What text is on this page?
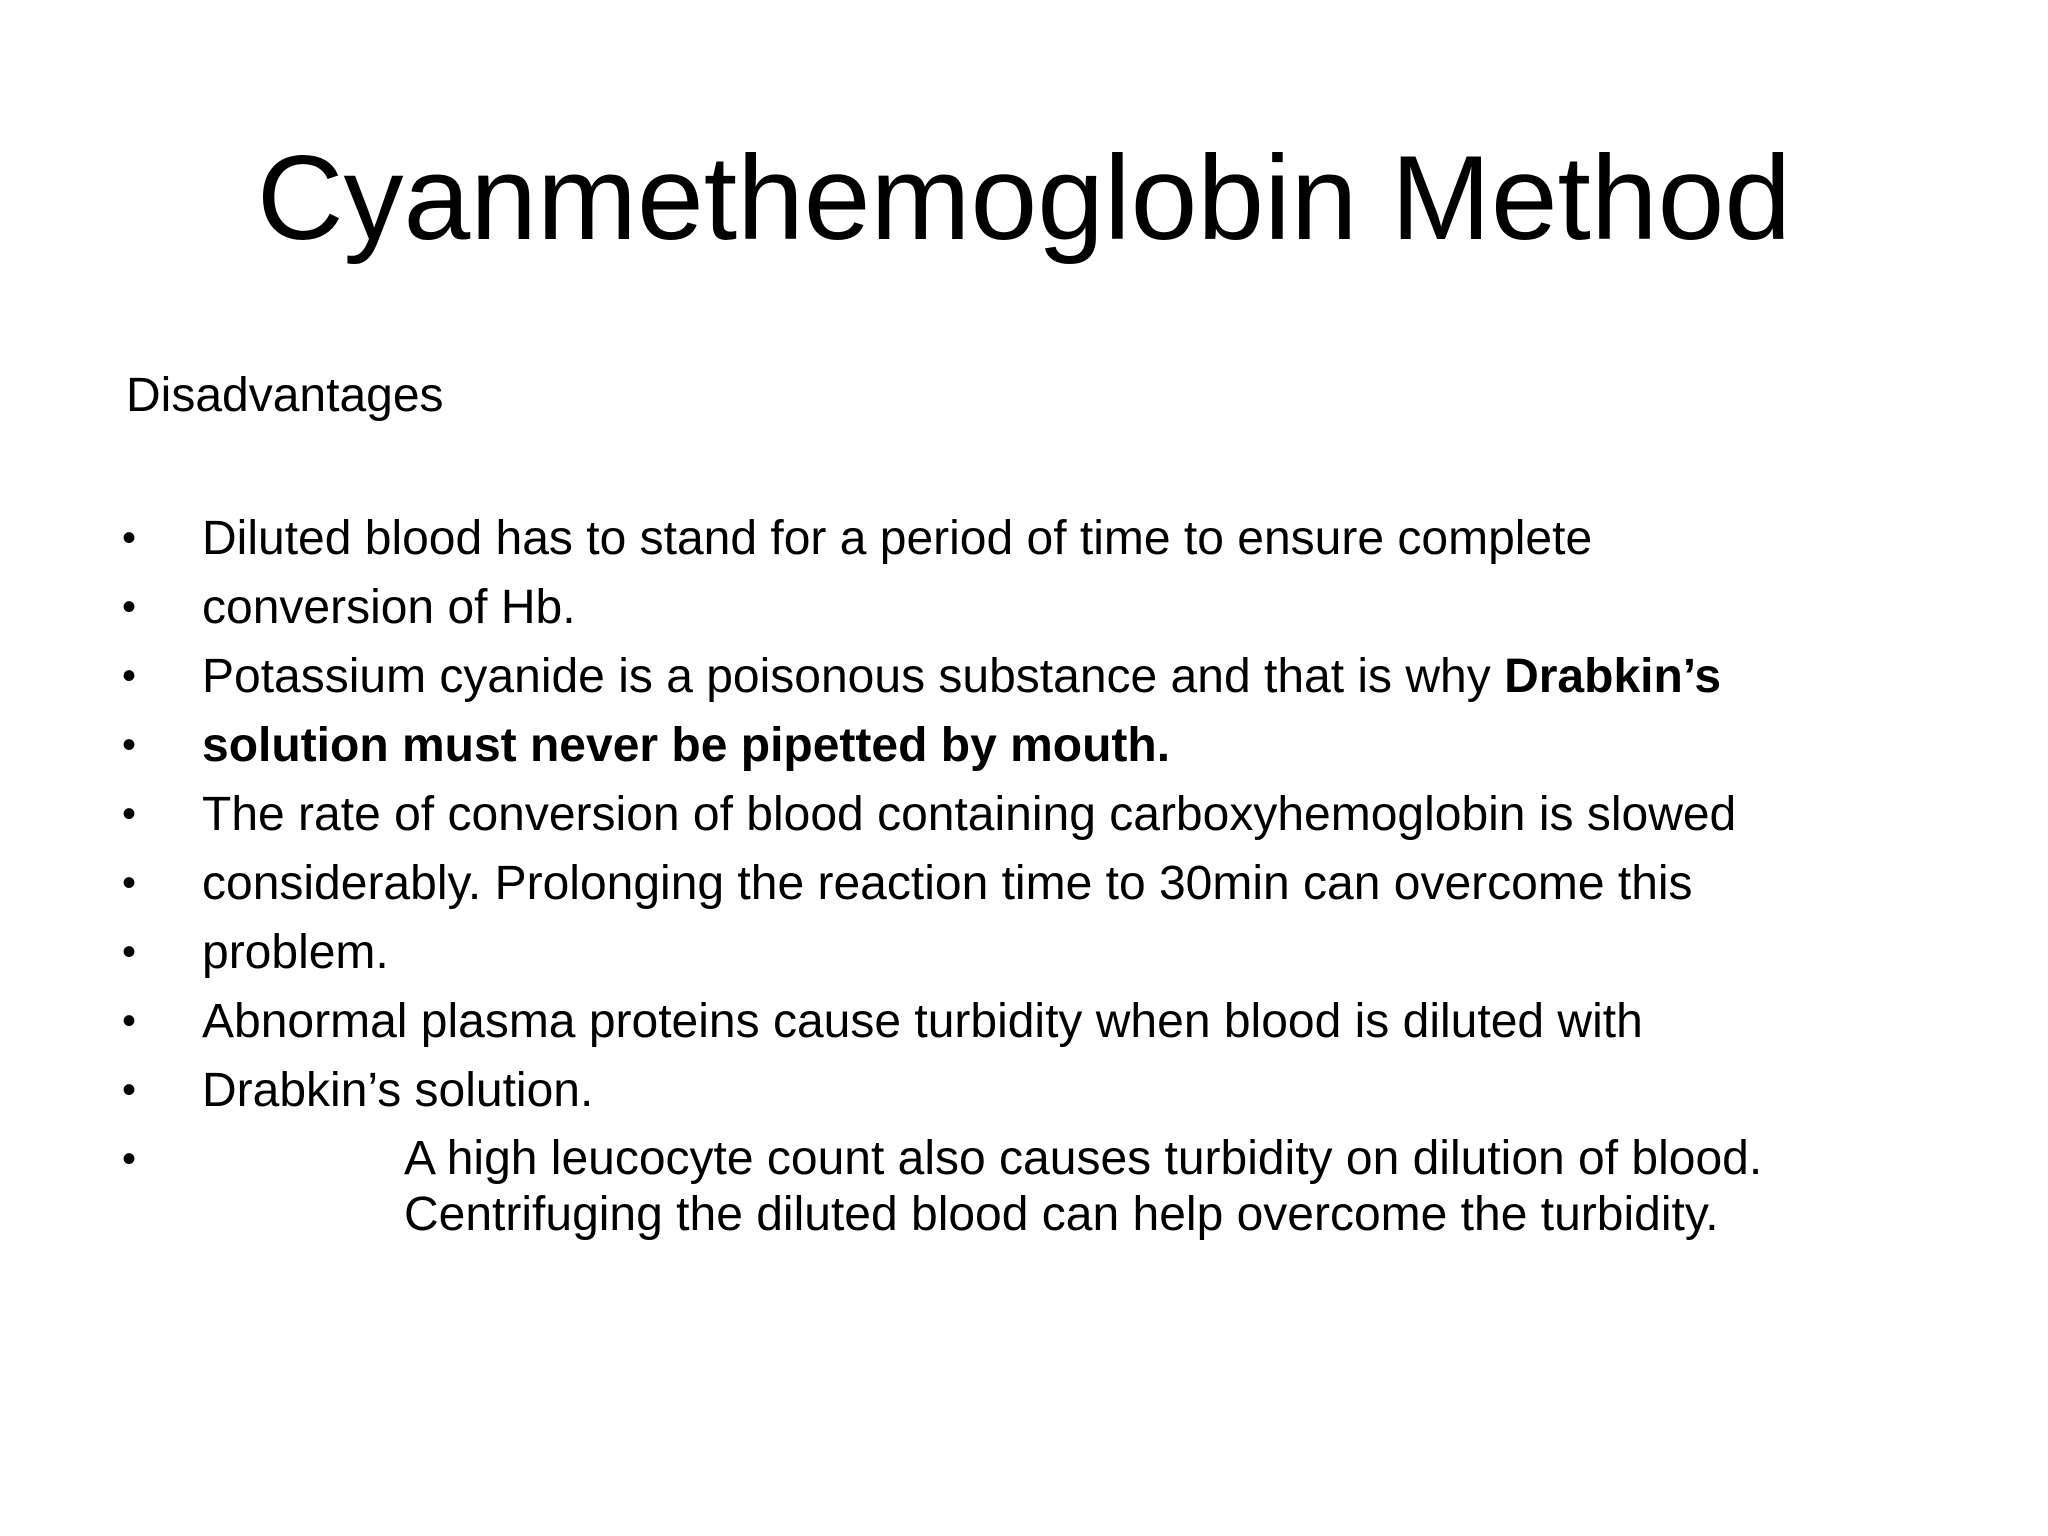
Cyanmethemoglobin Method

Disadvantages

•	Diluted blood has to stand for a period of time to ensure complete
•	conversion of Hb.
•	Potassium cyanide is a poisonous substance and that is why Drabkin’s
•	solution must never be pipetted by mouth.
•	The rate of conversion of blood containing carboxyhemoglobin is slowed
•	considerably. Prolonging the reaction time to 30min can overcome this
•	problem.
•	Abnormal plasma proteins cause turbidity when blood is diluted with
•	Drabkin’s solution.
•	A high leucocyte count also causes turbidity on dilution of blood.
Centrifuging the diluted blood can help overcome the turbidity.
